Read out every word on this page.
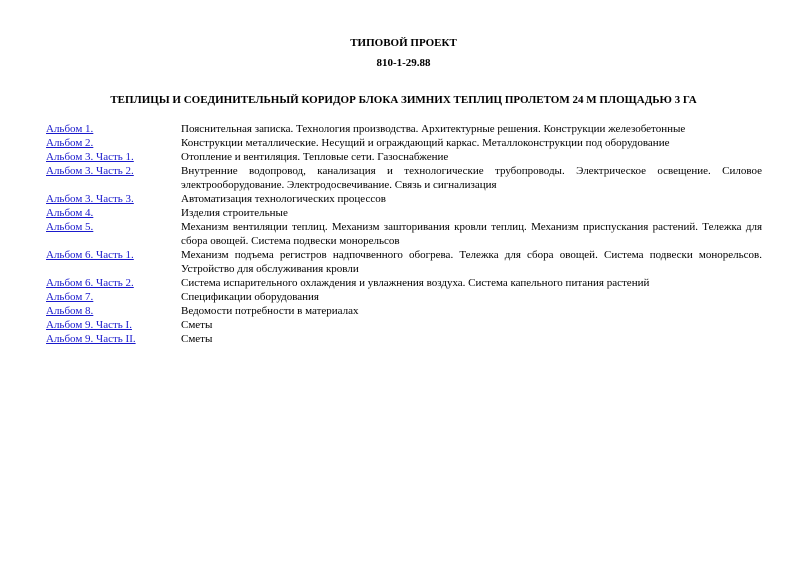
ТИПОВОЙ ПРОЕКТ
810-1-29.88
ТЕПЛИЦЫ И СОЕДИНИТЕЛЬНЫЙ КОРИДОР БЛОКА ЗИМНИХ ТЕПЛИЦ ПРОЛЕТОМ 24 М ПЛОЩАДЬЮ 3 ГА
Альбом 1.	Пояснительная записка. Технология производства. Архитектурные решения. Конструкции железобетонные
Альбом 2.	Конструкции металлические. Несущий и ограждающий каркас. Металлоконструкции под оборудование
Альбом 3. Часть 1.	Отопление и вентиляция. Тепловые сети. Газоснабжение
Альбом 3. Часть 2.	Внутренние водопровод, канализация и технологические трубопроводы. Электрическое освещение. Силовое электрооборудование. Электродосвечивание. Связь и сигнализация
Альбом 3. Часть 3.	Автоматизация технологических процессов
Альбом 4.	Изделия строительные
Альбом 5.	Механизм вентиляции теплиц. Механизм зашторивания кровли теплиц. Механизм приспускания растений. Тележка для сбора овощей. Система подвески монорельсов
Альбом 6. Часть 1.	Механизм подъема регистров надпочвенного обогрева. Тележка для сбора овощей. Система подвески монорельсов. Устройство для обслуживания кровли
Альбом 6. Часть 2.	Система испарительного охлаждения и увлажнения воздуха. Система капельного питания растений
Альбом 7.	Спецификации оборудования
Альбом 8.	Ведомости потребности в материалах
Альбом 9. Часть I.	Сметы
Альбом 9. Часть II.	Сметы
